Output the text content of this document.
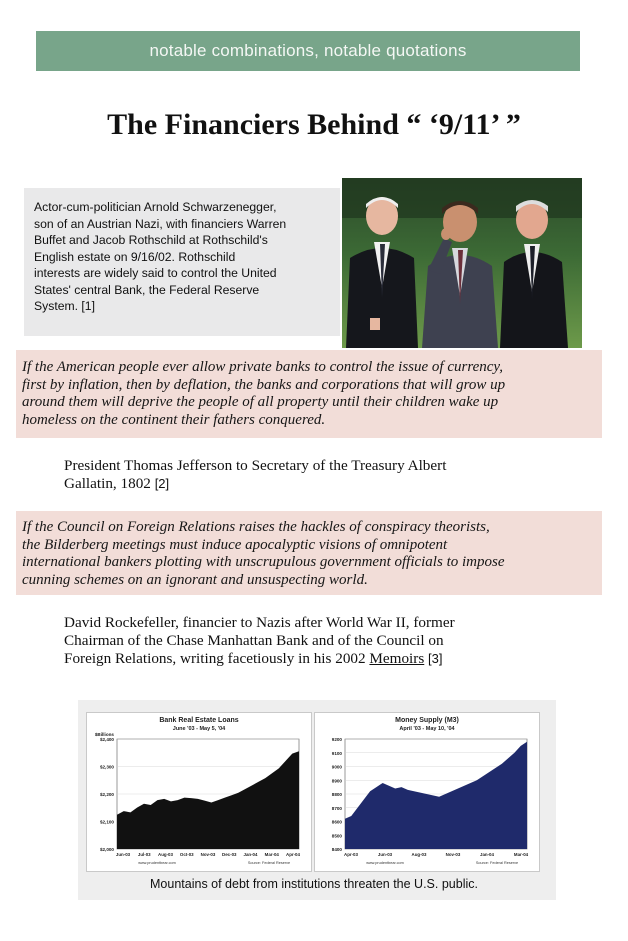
notable combinations, notable quotations
The Financiers Behind “ ‘9/11’ ”
Actor-cum-politician Arnold Schwarzenegger,
son of an Austrian Nazi, with financiers Warren
Buffet and Jacob Rothschild at Rothschild's
English estate on 9/16/02. Rothschild
interests are widely said to control the United
States' central Bank, the Federal Reserve
System. [1]
If the American people ever allow private banks to control the issue of currency,
first by inflation, then by deflation, the banks and corporations that will grow up
around them will deprive the people of all property until their children wake up
homeless on the continent their fathers conquered.
President Thomas Jefferson to Secretary of the Treasury Albert
Gallatin, 1802 [2]
If the Council on Foreign Relations raises the hackles of conspiracy theorists,
the Bilderberg meetings must induce apocalyptic visions of omnipotent
international bankers plotting with unscrupulous government officials to impose
cunning schemes on an ignorant and unsuspecting world.
David Rockefeller, financier to Nazis after World War II, former
Chairman of the Chase Manhattan Bank and of the Council on
Foreign Relations, writing facetiously in his 2002 Memoirs [3]
Bank Real Estate Loans
June '03 - May 5, '04
$2,400
$2,300
$2,200
$2,100
$2,000
$Billions
Jun-03 Jul-03 Aug-03 Oct-03 Nov-03 Dec-03 Jan-04 Mar-04 Apr-04
www.prudentbear.com	Source: Federal Reserve
Money Supply (M3)
April '03 - May 10, '04
9200
9100
9000
8900
8800
8700
8600
8500
8400
Apr-03	Jun-03	Aug-03	Nov-03	Jan-04	Mar-04
www.prudentbear.com	Source: Federal Reserve
Mountains of debt from institutions threaten the U.S. public.
